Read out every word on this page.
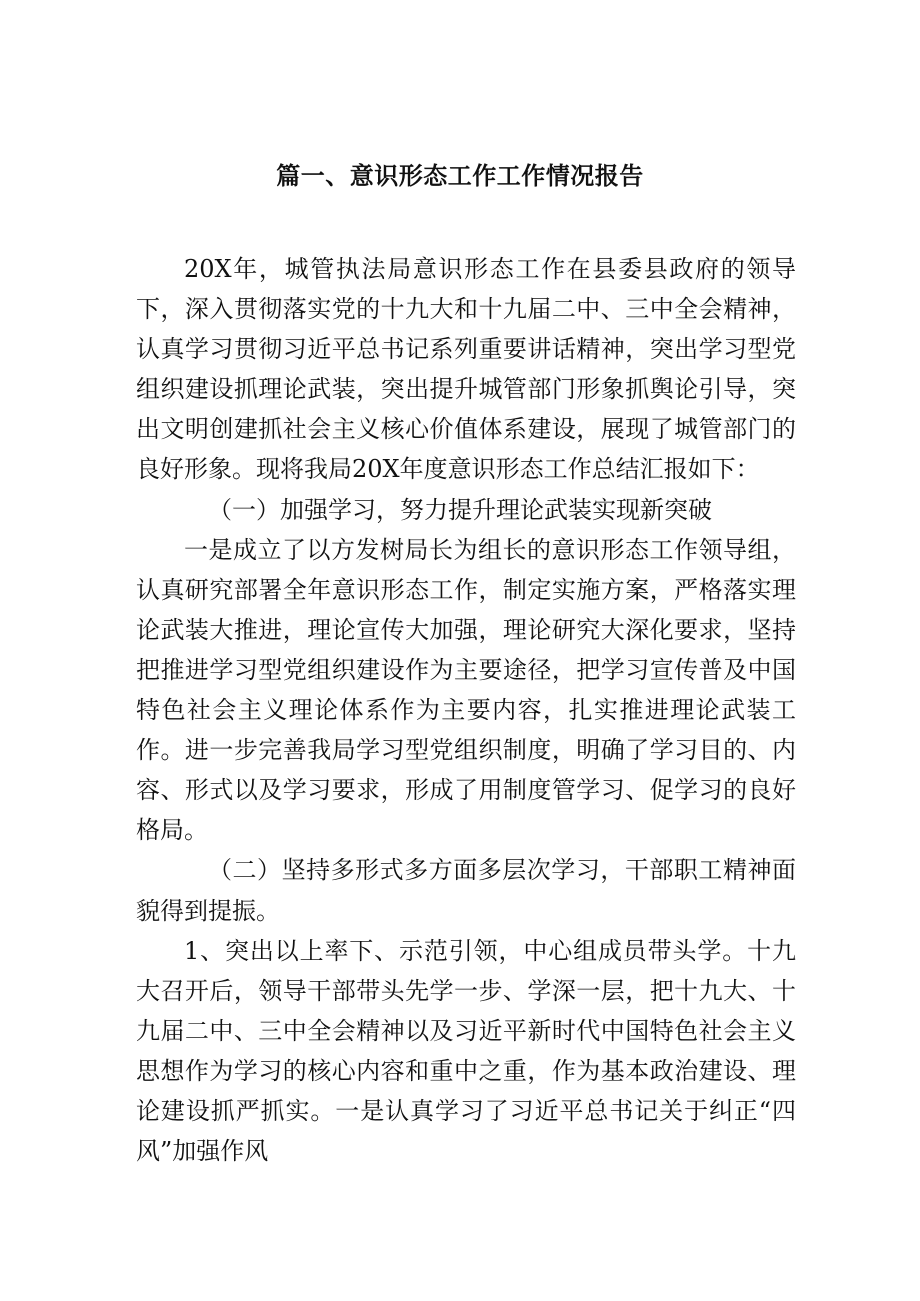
篇一、意识形态工作工作情况报告

20X年，城管执法局意识形态工作在县委县政府的领导下，深入贯彻落实党的十九大和十九届二中、三中全会精神，认真学习贯彻习近平总书记系列重要讲话精神，突出学习型党组织建设抓理论武装，突出提升城管部门形象抓舆论引导，突出文明创建抓社会主义核心价值体系建设，展现了城管部门的良好形象。现将我局20X年度意识形态工作总结汇报如下：

（一）加强学习，努力提升理论武装实现新突破

一是成立了以方发树局长为组长的意识形态工作领导组，认真研究部署全年意识形态工作，制定实施方案，严格落实理论武装大推进，理论宣传大加强，理论研究大深化要求，坚持把推进学习型党组织建设作为主要途径，把学习宣传普及中国特色社会主义理论体系作为主要内容，扎实推进理论武装工作。进一步完善我局学习型党组织制度，明确了学习目的、内容、形式以及学习要求，形成了用制度管学习、促学习的良好格局。

（二）坚持多形式多方面多层次学习，干部职工精神面貌得到提振。

1、突出以上率下、示范引领，中心组成员带头学。十九大召开后，领导干部带头先学一步、学深一层，把十九大、十九届二中、三中全会精神以及习近平新时代中国特色社会主义思想作为学习的核心内容和重中之重，作为基本政治建设、理论建设抓严抓实。一是认真学习了习近平总书记关于纠正“四风”加强作风
